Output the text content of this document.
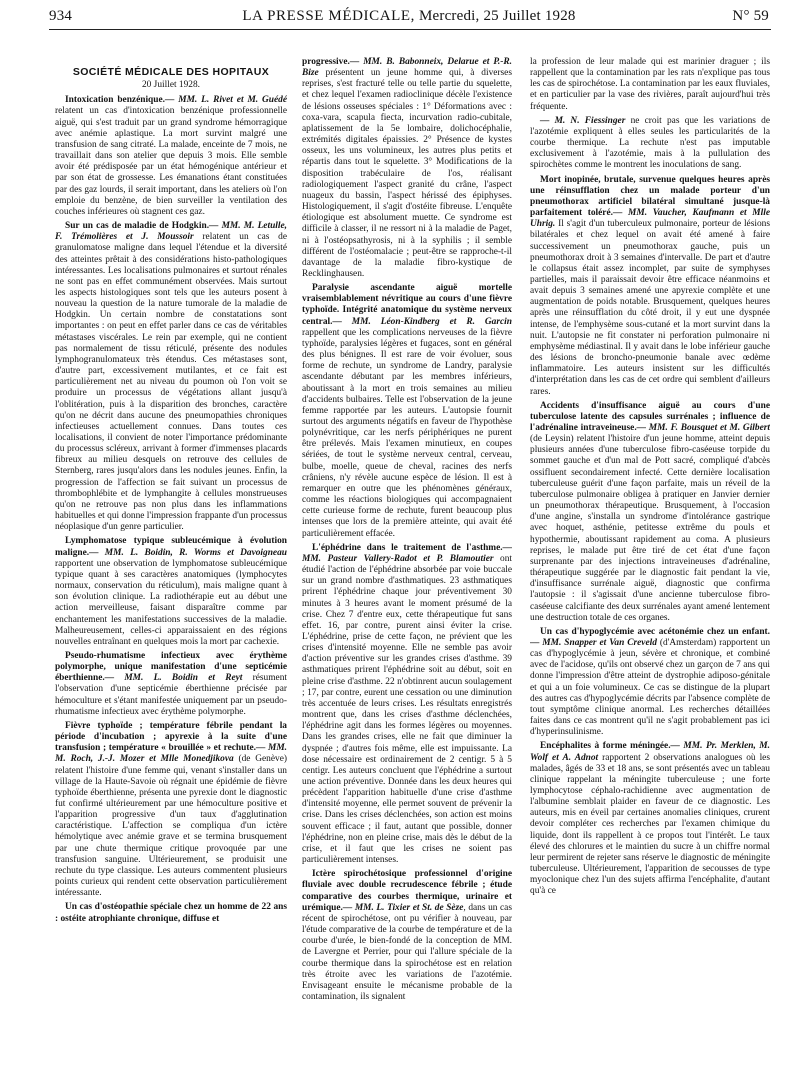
934	LA PRESSE MÉDICALE, Mercredi, 25 Juillet 1928	N° 59
SOCIÉTÉ MÉDICALE DES HOPITAUX
20 Juillet 1928.

Intoxication benzénique.— MM. L. Rivet et M. Guédé relatent un cas d'intoxication benzénique professionnelle aiguë, qui s'est traduit par un grand syndrome hémorragique avec anémie aplastique. La mort survint malgré une transfusion de sang citraté. La malade, enceinte de 7 mois, ne travaillait dans son atelier que depuis 3 mois. Elle semble avoir été prédisposée par un état hémogénique antérieur et par son état de grossesse. Les émanations étant constituées par des gaz lourds, il serait important, dans les ateliers où l'on emploie du benzène, de bien surveiller la ventilation des couches inférieures où stagnent ces gaz.

Sur un cas de maladie de Hodgkin.— MM. M. Letulle, F. Trémolières et J. Moussoir relatent un cas de granulomatose maligne dans lequel l'étendue et la diversité des atteintes prêtait à des considérations histo-pathologiques intéressantes. Les localisations pulmonaires et surtout rénales ne sont pas en effet communément observées. Mais surtout les aspects histologiques sont tels que les auteurs posent à nouveau la question de la nature tumorale de la maladie de Hodgkin. Un certain nombre de constatations sont importantes : on peut en effet parler dans ce cas de véritables métastases viscérales. Le rein par exemple, qui ne contient pas normalement de tissu réticulé, présente des nodules lymphogranulomateux très étendus. Ces métastases sont, d'autre part, excessivement mutilantes, et ce fait est particulièrement net au niveau du poumon où l'on voit se produire un processus de végétations allant jusqu'à l'oblitération, puis à la disparition des bronches, caractère qu'on ne décrit dans aucune des pneumopathies chroniques infectieuses actuellement connues. Dans toutes ces localisations, il convient de noter l'importance prédominante du processus scléreux, arrivant à former d'immenses placards fibreux au milieu desquels on retrouve des cellules de Sternberg, rares jusqu'alors dans les nodules jeunes. Enfin, la progression de l'affection se fait suivant un processus de thrombophlébite et de lymphangite à cellules monstrueuses qu'on ne retrouve pas non plus dans les inflammations habituelles et qui donne l'impression frappante d'un processus néoplasique d'un genre particulier.

Lymphomatose typique subleucémique à évolution maligne.— MM. L. Boidin, R. Worms et Davoigneau rapportent une observation de lymphomatose subleucémique typique quant à ses caractères anatomiques (lymphocytes normaux, conservation du réticulum), mais maligne quant à son évolution clinique. La radiothérapie eut au début une action merveilleuse, faisant disparaître comme par enchantement les manifestations successives de la maladie. Malheureusement, celles-ci apparaissaient en des régions nouvelles entraînant en quelques mois la mort par cachexie.

Pseudo-rhumatisme infectieux avec érythème polymorphe, unique manifestation d'une septicémie éberthienne.— MM. L. Boidin et Reyt résument l'observation d'une septicémie éberthienne précisée par hémoculture et s'étant manifestée uniquement par un pseudo-rhumatisme infectieux avec érythème polymorphe.

Fièvre typhoïde ; température fébrile pendant la période d'incubation ; apyrexie à la suite d'une transfusion ; température « brouillée » et rechute.— MM. M. Roch, J.-J. Mozer et Mlle Monedjikova (de Genève) relatent l'histoire d'une femme qui, venant s'installer dans un village de la Haute-Savoie où régnait une épidémie de fièvre typhoïde éberthienne, présenta une pyrexie dont le diagnostic fut confirmé ultérieurement par une hémoculture positive et l'apparition progressive d'un taux d'agglutination caractéristique. L'affection se compliqua d'un ictère hémolytique avec anémie grave et se termina brusquement par une chute thermique critique provoquée par une transfusion sanguine. Ultérieurement, se produisit une rechute du type classique. Les auteurs commentent plusieurs points curieux qui rendent cette observation particulièrement intéressante.

Un cas d'ostéopathie spéciale chez un homme de 22 ans : ostéite atrophiante chronique, diffuse et

progressive.— MM. B. Babonneix, Delarue et P.-R. Bize présentent un jeune homme qui, à diverses reprises, s'est fracturé telle ou telle partie du squelette, et chez lequel l'examen radioclinique décèle l'existence de lésions osseuses spéciales : 1° Déformations avec : coxa-vara, scapula fiecta, incurvation radio-cubitale, aplatissement de la 5e lombaire, dolichocéphalie, extrémités digitales épaissies. 2° Présence de kystes osseux, les uns volumineux, les autres plus petits et répartis dans tout le squelette. 3° Modifications de la disposition trabéculaire de l'os, réalisant radiologiquement l'aspect granité du crâne, l'aspect nuageux du bassin, l'aspect hérissé des épiphyses. Histologiquement, il s'agit d'ostéite fibreuse. L'enquête étiologique est absolument muette. Ce syndrome est difficile à classer, il ne ressort ni à la maladie de Paget, ni à l'ostéopsathyrosis, ni à la syphilis ; il semble différent de l'ostéomalacie ; peut-être se rapproche-t-il davantage de la maladie fibro-kystique de Recklinghausen.

Paralysie ascendante aiguë mortelle vraisemblablement névritique au cours d'une fièvre typhoïde. Intégrité anatomique du système nerveux central.— MM. Léon-Kindberg et R. Garcin rappellent que les complications nerveuses de la fièvre typhoïde, paralysies légères et fugaces, sont en général des plus bénignes. Il est rare de voir évoluer, sous forme de rechute, un syndrome de Landry, paralysie ascendante débutant par les membres inférieurs, aboutissant à la mort en trois semaines au milieu d'accidents bulbaires. Telle est l'observation de la jeune femme rapportée par les auteurs. L'autopsie fournit surtout des arguments négatifs en faveur de l'hypothèse polynévritique, car les nerfs périphériques ne purent être prélevés. Mais l'examen minutieux, en coupes sériées, de tout le système nerveux central, cerveau, bulbe, moelle, queue de cheval, racines des nerfs crâniens, n'y révèle aucune espèce de lésion. Il est à remarquer en outre que les phénomènes généraux, comme les réactions biologiques qui accompagnaient cette curieuse forme de rechute, furent beaucoup plus intenses que lors de la première atteinte, qui avait été particulièrement effacée.

L'éphédrine dans le traitement de l'asthme.— MM. Pasteur Vallery-Radot et P. Blamoutier ont étudié l'action de l'éphédrine absorbée par voie buccale sur un grand nombre d'asthmatiques. 23 asthmatiques prirent l'éphédrine chaque jour préventivement 30 minutes à 3 heures avant le moment présumé de la crise. Chez 7 d'entre eux, cette thérapeutique fut sans effet. 16, par contre, purent ainsi éviter la crise. L'éphédrine, prise de cette façon, ne prévient que les crises d'intensité moyenne. Elle ne semble pas avoir d'action préventive sur les grandes crises d'asthme. 39 asthmatiques prirent l'éphédrine soit au début, soit en pleine crise d'asthme. 22 n'obtinrent aucun soulagement ; 17, par contre, eurent une cessation ou une diminution très accentuée de leurs crises. Les résultats enregistrés montrent que, dans les crises d'asthme déclenchées, l'éphédrine agit dans les formes légères ou moyennes. Dans les grandes crises, elle ne fait que diminuer la dyspnée ; d'autres fois même, elle est impuissante. La dose nécessaire est ordinairement de 2 centigr. 5 à 5 centigr. Les auteurs concluent que l'éphédrine a surtout une action préventive. Donnée dans les deux heures qui précèdent l'apparition habituelle d'une crise d'asthme d'intensité moyenne, elle permet souvent de prévenir la crise. Dans les crises déclenchées, son action est moins souvent efficace ; il faut, autant que possible, donner l'éphédrine, non en pleine crise, mais dès le début de la crise, et il faut que les crises ne soient pas particulièrement intenses.

Ictère spirochétosique professionnel d'origine fluviale avec double recrudescence fébrile ; étude comparative des courbes thermique, urinaire et urémique.— MM. L. Tixier et St. de Sèze, dans un cas récent de spirochétose, ont pu vérifier à nouveau, par l'étude comparative de la courbe de température et de la courbe d'urée, le bien-fondé de la conception de MM. de Lavergne et Perrier, pour qui l'allure spéciale de la courbe thermique dans la spirochétose est en relation très étroite avec les variations de l'azotémie. Envisageant ensuite le mécanisme probable de la contamination, ils signalent

la profession de leur malade qui est marinier draguer ; ils rappellent que la contamination par les rats n'explique pas tous les cas de spirochétose. La contamination par les eaux fluviales, et en particulier par la vase des rivières, paraît aujourd'hui très fréquente.

— M. N. Fiessinger ne croit pas que les variations de l'azotémie expliquent à elles seules les particularités de la courbe thermique. La rechute n'est pas imputable exclusivement à l'azotémie, mais à la pullulation des spirochètes comme le montrent les inoculations de sang.

Mort inopinée, brutale, survenue quelques heures après une réinsufflation chez un malade porteur d'un pneumothorax artificiel bilatéral simultané jusque-là parfaitement toléré.— MM. Vaucher, Kaufmann et Mlle Uhrig. Il s'agit d'un tuberculeux pulmonaire, porteur de lésions bilatérales et chez lequel on avait été amené à faire successivement un pneumothorax gauche, puis un pneumothorax droit à 3 semaines d'intervalle. De part et d'autre le collapsus était assez incomplet, par suite de symphyses partielles, mais il paraissait devoir être efficace néanmoins et avait depuis 3 semaines amené une apyrexie complète et une augmentation de poids notable. Brusquement, quelques heures après une réinsufflation du côté droit, il y eut une dyspnée intense, de l'emphysème sous-cutané et la mort survint dans la nuit. L'autopsie ne fit constater ni perforation pulmonaire ni emphysème médiastinal. Il y avait dans le lobe inférieur gauche des lésions de broncho-pneumonie banale avec œdème inflammatoire. Les auteurs insistent sur les difficultés d'interprétation dans les cas de cet ordre qui semblent d'ailleurs rares.

Accidents d'insuffisance aiguë au cours d'une tuberculose latente des capsules surrénales ; influence de l'adrénaline intraveineuse.— MM. F. Bousquet et M. Gilbert (de Leysin) relatent l'histoire d'un jeune homme, atteint depuis plusieurs années d'une tuberculose fibro-caséeuse torpide du sommet gauche et d'un mal de Pott sacré, compliqué d'abcès ossifluent secondairement infecté. Cette dernière localisation tuberculeuse guérit d'une façon parfaite, mais un réveil de la tuberculose pulmonaire obligea à pratiquer en Janvier dernier un pneumothorax thérapeutique. Brusquement, à l'occasion d'une angine, s'installa un syndrome d'intolérance gastrique avec hoquet, asthénie, petitesse extrême du pouls et hypothermie, aboutissant rapidement au coma. A plusieurs reprises, le malade put être tiré de cet état d'une façon surprenante par des injections intraveineuses d'adrénaline, thérapeutique suggérée par le diagnostic fait pendant la vie, d'insuffisance surrénale aiguë, diagnostic que confirma l'autopsie : il s'agissait d'une ancienne tuberculose fibro-caséeuse calcifiante des deux surrénales ayant amené lentement une destruction totale de ces organes.

Un cas d'hypoglycémie avec acétonémie chez un enfant.— MM. Snapper et Van Creveld (d'Amsterdam) rapportent un cas d'hypoglycémie à jeun, sévère et chronique, et combiné avec de l'acidose, qu'ils ont observé chez un garçon de 7 ans qui donne l'impression d'être atteint de dystrophie adiposo-génitale et qui a un foie volumineux. Ce cas se distingue de la plupart des autres cas d'hypoglycémie décrits par l'absence complète de tout symptôme clinique anormal. Les recherches détaillées faites dans ce cas montrent qu'il ne s'agit probablement pas ici d'hyperinsulinisme.

Encéphalites à forme méningée.— MM. Pr. Merklen, M. Wolf et A. Adnot rapportent 2 observations analogues où les malades, âgés de 33 et 18 ans, se sont présentés avec un tableau clinique rappelant la méningite tuberculeuse ; une forte lymphocytose céphalo-rachidienne avec augmentation de l'albumine semblait plaider en faveur de ce diagnostic. Les auteurs, mis en éveil par certaines anomalies cliniques, crurent devoir compléter ces recherches par l'examen chimique du liquide, dont ils rappellent à ce propos tout l'intérêt. Le taux élevé des chlorures et le maintien du sucre à un chiffre normal leur permirent de rejeter sans réserve le diagnostic de méningite tuberculeuse. Ultérieurement, l'apparition de secousses de type myoclonique chez l'un des sujets affirma l'encéphalite, d'autant qu'à ce
